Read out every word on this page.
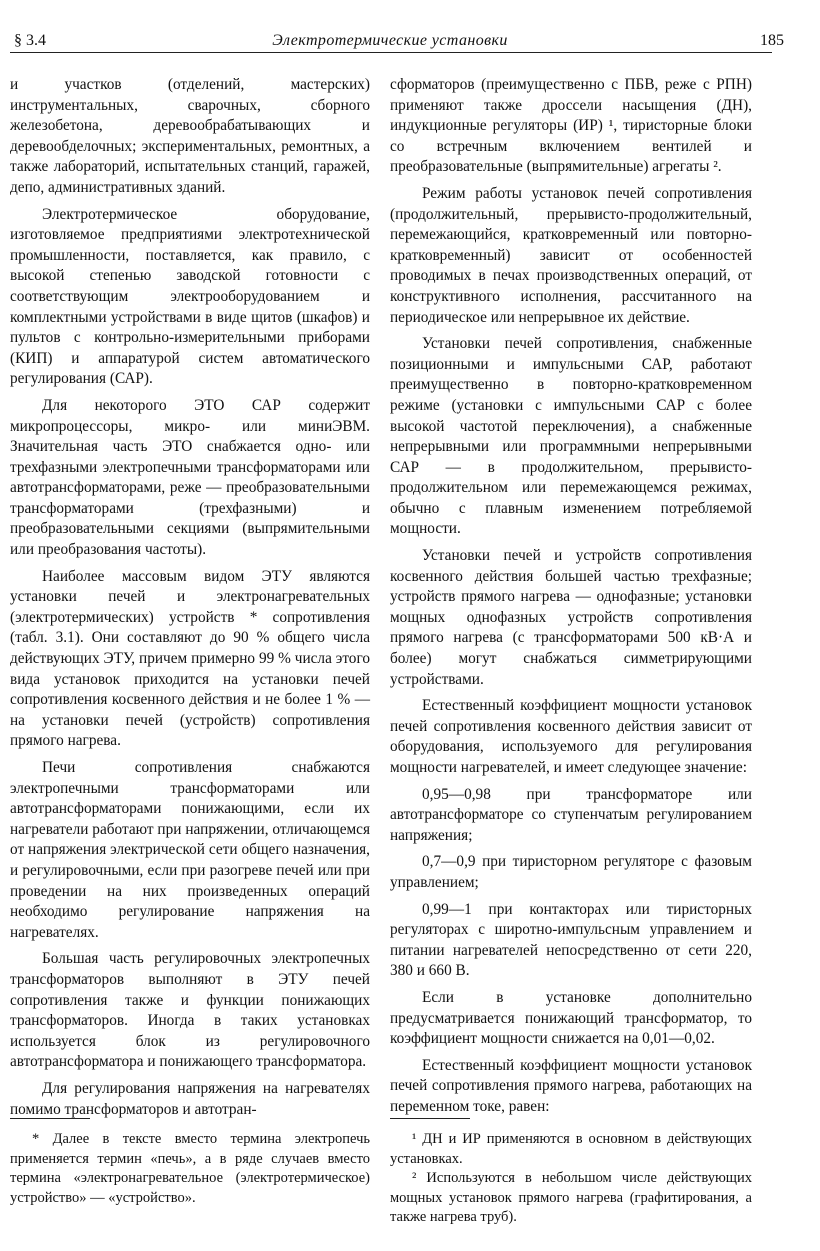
§ 3.4	Электротермические установки	185

и участков (отделений, мастерских) инструментальных, сварочных, сборного железобетона, деревообрабатывающих и деревообделочных; экспериментальных, ремонтных, а также лабораторий, испытательных станций, гаражей, депо, административных зданий.

Электротермическое оборудование, изготовляемое предприятиями электротехнической промышленности, поставляется, как правило, с высокой степенью заводской готовности с соответствующим электрооборудованием и комплектными устройствами в виде щитов (шкафов) и пультов с контрольно-измерительными приборами (КИП) и аппаратурой систем автоматического регулирования (САР).

Для некоторого ЭТО САР содержит микропроцессоры, микро- или миниЭВМ. Значительная часть ЭТО снабжается одно- или трехфазными электропечными трансформаторами или автотрансформаторами, реже — преобразовательными трансформаторами (трехфазными) и преобразовательными секциями (выпрямительными или преобразования частоты).

Наиболее массовым видом ЭТУ являются установки печей и электронагревательных (электротермических) устройств * сопротивления (табл. 3.1). Они составляют до 90 % общего числа действующих ЭТУ, причем примерно 99 % числа этого вида установок приходится на установки печей сопротивления косвенного действия и не более 1 % — на установки печей (устройств) сопротивления прямого нагрева.

Печи сопротивления снабжаются электропечными трансформаторами или автотрансформаторами понижающими, если их нагреватели работают при напряжении, отличающемся от напряжения электрической сети общего назначения, и регулировочными, если при разогреве печей или при проведении на них произведенных операций необходимо регулирование напряжения на нагревателях.

Большая часть регулировочных электропечных трансформаторов выполняют в ЭТУ печей сопротивления также и функции понижающих трансформаторов. Иногда в таких установках используется блок из регулировочного автотрансформатора и понижающего трансформатора.

Для регулирования напряжения на нагревателях помимо трансформаторов и автотран-

сформаторов (преимущественно с ПБВ, реже с РПН) применяют также дроссели насыщения (ДН), индукционные регуляторы (ИР) ¹, тиристорные блоки со встречным включением вентилей и преобразовательные (выпрямительные) агрегаты ².

Режим работы установок печей сопротивления (продолжительный, прерывисто-продолжительный, перемежающийся, кратковременный или повторно-кратковременный) зависит от особенностей проводимых в печах производственных операций, от конструктивного исполнения, рассчитанного на периодическое или непрерывное их действие.

Установки печей сопротивления, снабженные позиционными и импульсными САР, работают преимущественно в повторно-кратковременном режиме (установки с импульсными САР с более высокой частотой переключения), а снабженные непрерывными или программными непрерывными САР — в продолжительном, прерывисто-продолжительном или перемежающемся режимах, обычно с плавным изменением потребляемой мощности.

Установки печей и устройств сопротивления косвенного действия большей частью трехфазные; устройств прямого нагрева — однофазные; установки мощных однофазных устройств сопротивления прямого нагрева (с трансформаторами 500 кВ·А и более) могут снабжаться симметрирующими устройствами.

Естественный коэффициент мощности установок печей сопротивления косвенного действия зависит от оборудования, используемого для регулирования мощности нагревателей, и имеет следующее значение:

0,95—0,98 при трансформаторе или автотрансформаторе со ступенчатым регулированием напряжения;

0,7—0,9 при тиристорном регуляторе с фазовым управлением;

0,99—1 при контакторах или тиристорных регуляторах с широтно-импульсным управлением и питании нагревателей непосредственно от сети 220, 380 и 660 В.

Если в установке дополнительно предусматривается понижающий трансформатор, то коэффициент мощности снижается на 0,01—0,02.

Естественный коэффициент мощности установок печей сопротивления прямого нагрева, работающих на переменном токе, равен:

* Далее в тексте вместо термина электропечь применяется термин «печь», а в ряде случаев вместо термина «электронагревательное (электротермическое) устройство» — «устройство».

¹ ДН и ИР применяются в основном в действующих установках.

² Используются в небольшом числе действующих мощных установок прямого нагрева (графитирования, а также нагрева труб).
